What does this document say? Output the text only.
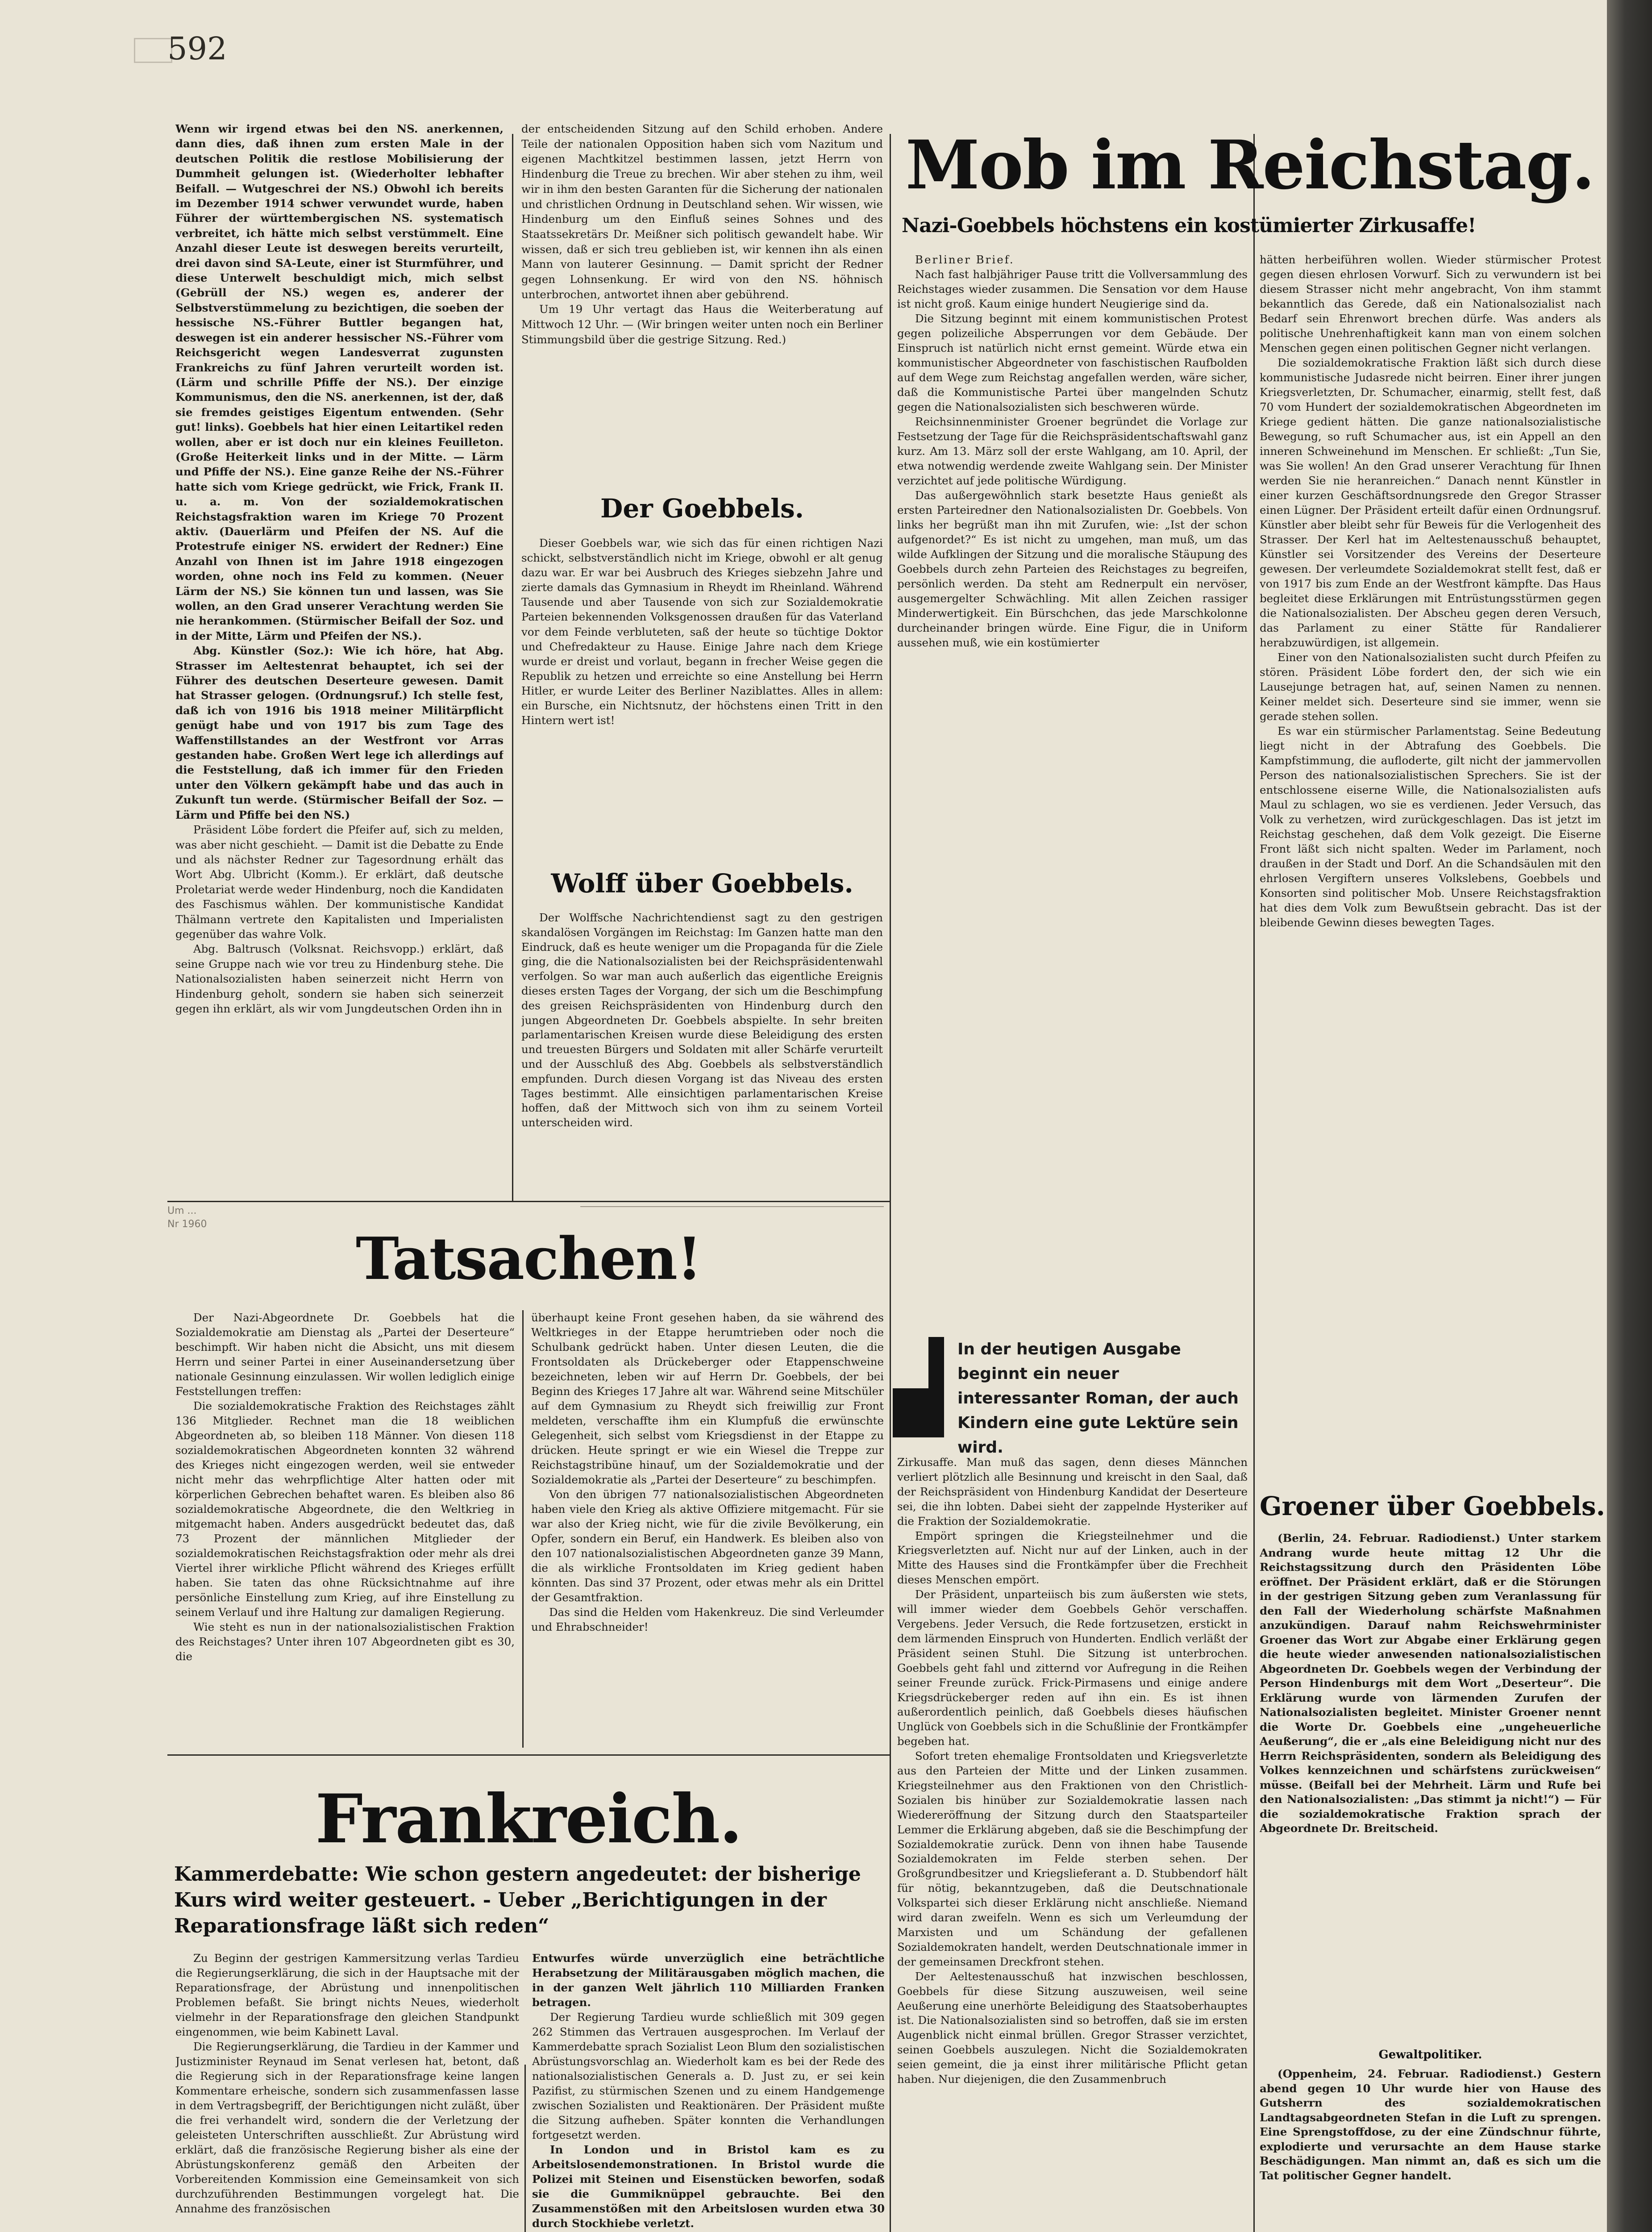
592

Wenn wir irgend etwas bei den NS. anerkennen, dann dies, daß ihnen zum ersten Male in der deutschen Politik die restlose Mobilisierung der Dummheit gelungen ist. (Wiederholter lebhafter Beifall. — Wutgeschrei der NS.) Obwohl ich bereits im Dezember 1914 schwer verwundet wurde, haben Führer der württembergischen NS. systematisch verbreitet, ich hätte mich selbst verstümmelt. Eine Anzahl dieser Leute ist deswegen bereits verurteilt, drei davon sind SA-Leute, einer ist Sturmführer, und diese Unterwelt beschuldigt mich, mich selbst (Gebrüll der NS.) wegen es, anderer der Selbstverstümmelung zu bezichtigen, die soeben der hessische NS.-Führer Buttler begangen hat, deswegen ist ein anderer hessischer NS.-Führer vom Reichsgericht wegen Landesverrat zugunsten Frankreichs zu fünf Jahren verurteilt worden ist. (Lärm und schrille Pfiffe der NS.). Der einzige Kommunismus, den die NS. anerkennen, ist der, daß sie fremdes geistiges Eigentum entwenden. (Sehr gut! links). Goebbels hat hier einen Leitartikel reden wollen, aber er ist doch nur ein kleines Feuilleton. (Große Heiterkeit links und in der Mitte. — Lärm und Pfiffe der NS.). Eine ganze Reihe der NS.-Führer hatte sich vom Kriege gedrückt, wie Frick, Frank II. u. a. m. Von der sozialdemokratischen Reichstagsfraktion waren im Kriege 70 Prozent aktiv. (Dauerlärm und Pfeifen der NS. Auf die Protestrufe einiger NS. erwidert der Redner:) Eine Anzahl von Ihnen ist im Jahre 1918 eingezogen worden, ohne noch ins Feld zu kommen. (Neuer Lärm der NS.) Sie können tun und lassen, was Sie wollen, an den Grad unserer Verachtung werden Sie nie herankommen. (Stürmischer Beifall der Soz. und in der Mitte, Lärm und Pfeifen der NS.).

Abg. Künstler (Soz.): Wie ich höre, hat Abg. Strasser im Aeltestenrat behauptet, ich sei der Führer des deutschen Deserteure gewesen. Damit hat Strasser gelogen. (Ordnungsruf.) Ich stelle fest, daß ich von 1916 bis 1918 meiner Militärpflicht genügt habe und von 1917 bis zum Tage des Waffenstillstandes an der Westfront vor Arras gestanden habe. Großen Wert lege ich allerdings auf die Feststellung, daß ich immer für den Frieden unter den Völkern gekämpft habe und das auch in Zukunft tun werde. (Stürmischer Beifall der Soz. — Lärm und Pfiffe bei den NS.)

Präsident Löbe fordert die Pfeifer auf, sich zu melden, was aber nicht geschieht. — Damit ist die Debatte zu Ende und als nächster Redner zur Tagesordnung erhält das Wort Abg. Ulbricht (Komm.). Er erklärt, daß deutsche Proletariat werde weder Hindenburg, noch die Kandidaten des Faschismus wählen. Der kommunistische Kandidat Thälmann vertrete den Kapitalisten und Imperialisten gegenüber das wahre Volk.

Abg. Baltrusch (Volksnat. Reichsvopp.) erklärt, daß seine Gruppe nach wie vor treu zu Hindenburg stehe. Die Nationalsozialisten haben seinerzeit nicht Herrn von Hindenburg geholt, sondern sie haben sich seinerzeit gegen ihn erklärt, als wir vom Jungdeutschen Orden ihn in

der entscheidenden Sitzung auf den Schild erhoben. Andere Teile der nationalen Opposition haben sich vom Nazitum und eigenen Machtkitzel bestimmen lassen, jetzt Herrn von Hindenburg die Treue zu brechen. Wir aber stehen zu ihm, weil wir in ihm den besten Garanten für die Sicherung der nationalen und christlichen Ordnung in Deutschland sehen. Wir wissen, wie Hindenburg um den Einfluß seines Sohnes und des Staatssekretärs Dr. Meißner sich politisch gewandelt habe. Wir wissen, daß er sich treu geblieben ist, wir kennen ihn als einen Mann von lauterer Gesinnung. — Damit spricht der Redner gegen Lohnsenkung. Er wird von den NS. höhnisch unterbrochen, antwortet ihnen aber gebührend.

Um 19 Uhr vertagt das Haus die Weiterberatung auf Mittwoch 12 Uhr. — (Wir bringen weiter unten noch ein Berliner Stimmungsbild über die gestrige Sitzung. Red.)

Der Goebbels.

Dieser Goebbels war, wie sich das für einen richtigen Nazi schickt, selbstverständlich nicht im Kriege, obwohl er alt genug dazu war. Er war bei Ausbruch des Krieges siebzehn Jahre und zierte damals das Gymnasium in Rheydt im Rheinland. Während Tausende und aber Tausende von sich zur Sozialdemokratie Parteien bekennenden Volksgenossen draußen für das Vaterland vor dem Feinde verbluteten, saß der heute so tüchtige Doktor und Chefredakteur zu Hause. Einige Jahre nach dem Kriege wurde er dreist und vorlaut, begann in frecher Weise gegen die Republik zu hetzen und erreichte so eine Anstellung bei Herrn Hitler, er wurde Leiter des Berliner Naziblattes. Alles in allem: ein Bursche, ein Nichtsnutz, der höchstens einen Tritt in den Hintern wert ist!

Wolff über Goebbels.

Der Wolffsche Nachrichtendienst sagt zu den gestrigen skandalösen Vorgängen im Reichstag: Im Ganzen hatte man den Eindruck, daß es heute weniger um die Propaganda für die Ziele ging, die die Nationalsozialisten bei der Reichspräsidentenwahl verfolgen. So war man auch außerlich das eigentliche Ereignis dieses ersten Tages der Vorgang, der sich um die Beschimpfung des greisen Reichspräsidenten von Hindenburg durch den jungen Abgeordneten Dr. Goebbels abspielte. In sehr breiten parlamentarischen Kreisen wurde diese Beleidigung des ersten und treuesten Bürgers und Soldaten mit aller Schärfe verurteilt und der Ausschluß des Abg. Goebbels als selbstverständlich empfunden. Durch diesen Vorgang ist das Niveau des ersten Tages bestimmt. Alle einsichtigen parlamentarischen Kreise hoffen, daß der Mittwoch sich von ihm zu seinem Vorteil unterscheiden wird.

Mob im Reichstag.
Nazi-Goebbels höchstens ein kostümierter Zirkusaffe!

Berliner Brief.

Nach fast halbjähriger Pause tritt die Vollversammlung des Reichstages wieder zusammen. Die Sensation vor dem Hause ist nicht groß. Kaum einige hundert Neugierige sind da.

Die Sitzung beginnt mit einem kommunistischen Protest gegen polizeiliche Absperrungen vor dem Gebäude. Der Einspruch ist natürlich nicht ernst gemeint. Würde etwa ein kommunistischer Abgeordneter von faschistischen Raufbolden auf dem Wege zum Reichstag angefallen werden, wäre sicher, daß die Kommunistische Partei über mangelnden Schutz gegen die Nationalsozialisten sich beschweren würde.

Reichsinnenminister Groener begründet die Vorlage zur Festsetzung der Tage für die Reichspräsidentschaftswahl ganz kurz. Am 13. März soll der erste Wahlgang, am 10. April, der etwa notwendig werdende zweite Wahlgang sein. Der Minister verzichtet auf jede politische Würdigung.

Das außergewöhnlich stark besetzte Haus genießt als ersten Parteiredner den Nationalsozialisten Dr. Goebbels. Von links her begrüßt man ihn mit Zurufen, wie: „Ist der schon aufgenordet?“ Es ist nicht zu umgehen, man muß, um das wilde Aufklingen der Sitzung und die moralische Stäupung des Goebbels durch zehn Parteien des Reichstages zu begreifen, persönlich werden. Da steht am Rednerpult ein nervöser, ausgemergelter Schwächling. Mit allen Zeichen rassiger Minderwertigkeit. Ein Bürschchen, das jede Marschkolonne durcheinander bringen würde. Eine Figur, die in Uniform aussehen muß, wie ein kostümierter

hätten herbeiführen wollen. Wieder stürmischer Protest gegen diesen ehrlosen Vorwurf. Sich zu verwundern ist bei diesem Strasser nicht mehr angebracht, Von ihm stammt bekanntlich das Gerede, daß ein Nationalsozialist nach Bedarf sein Ehrenwort brechen dürfe. Was anders als politische Unehrenhaftigkeit kann man von einem solchen Menschen gegen einen politischen Gegner nicht verlangen.

Die sozialdemokratische Fraktion läßt sich durch diese kommunistische Judasrede nicht beirren. Einer ihrer jungen Kriegsverletzten, Dr. Schumacher, einarmig, stellt fest, daß 70 vom Hundert der sozialdemokratischen Abgeordneten im Kriege gedient hätten. Die ganze nationalsozialistische Bewegung, so ruft Schumacher aus, ist ein Appell an den inneren Schweinehund im Menschen. Er schließt: „Tun Sie, was Sie wollen! An den Grad unserer Verachtung für Ihnen werden Sie nie heranreichen.“ Danach nennt Künstler in einer kurzen Geschäftsordnungsrede den Gregor Strasser einen Lügner. Der Präsident erteilt dafür einen Ordnungsruf. Künstler aber bleibt sehr für Beweis für die Verlogenheit des Strasser. Der Kerl hat im Aeltestenausschuß behauptet, Künstler sei Vorsitzender des Vereins der Deserteure gewesen. Der verleumdete Sozialdemokrat stellt fest, daß er von 1917 bis zum Ende an der Westfront kämpfte. Das Haus begleitet diese Erklärungen mit Entrüstungsstürmen gegen die Nationalsozialisten. Der Abscheu gegen deren Versuch, das Parlament zu einer Stätte für Randalierer herabzuwürdigen, ist allgemein.

Einer von den Nationalsozialisten sucht durch Pfeifen zu stören. Präsident Löbe fordert den, der sich wie ein Lausejunge betragen hat, auf, seinen Namen zu nennen. Keiner meldet sich. Deserteure sind sie immer, wenn sie gerade stehen sollen.

Es war ein stürmischer Parlamentstag. Seine Bedeutung liegt nicht in der Abtrafung des Goebbels. Die Kampfstimmung, die aufloderte, gilt nicht der jammervollen Person des nationalsozialistischen Sprechers. Sie ist der entschlossene eiserne Wille, die Nationalsozialisten aufs Maul zu schlagen, wo sie es verdienen. Jeder Versuch, das Volk zu verhetzen, wird zurückgeschlagen. Das ist jetzt im Reichstag geschehen, daß dem Volk gezeigt. Die Eiserne Front läßt sich nicht spalten. Weder im Parlament, noch draußen in der Stadt und Dorf. An die Schandsäulen mit den ehrlosen Vergiftern unseres Volkslebens, Goebbels und Konsorten sind politischer Mob. Unsere Reichstagsfraktion hat dies dem Volk zum Bewußtsein gebracht. Das ist der bleibende Gewinn dieses bewegten Tages.

Groener über Goebbels.

(Berlin, 24. Februar. Radiodienst.) Unter starkem Andrang wurde heute mittag 12 Uhr die Reichstagssitzung durch den Präsidenten Löbe eröffnet. Der Präsident erklärt, daß er die Störungen in der gestrigen Sitzung geben zum Veranlassung für den Fall der Wiederholung schärfste Maßnahmen anzukündigen. Darauf nahm Reichswehrminister Groener das Wort zur Abgabe einer Erklärung gegen die heute wieder anwesenden nationalsozialistischen Abgeordneten Dr. Goebbels wegen der Verbindung der Person Hindenburgs mit dem Wort „Deserteur“. Die Erklärung wurde von lärmenden Zurufen der Nationalsozialisten begleitet. Minister Groener nennt die Worte Dr. Goebbels eine „ungeheuerliche Aeußerung“, die er „als eine Beleidigung nicht nur des Herrn Reichspräsidenten, sondern als Beleidigung des Volkes kennzeichnen und schärfstens zurückweisen“ müsse. (Beifall bei der Mehrheit. Lärm und Rufe bei den Nationalsozialisten: „Das stimmt ja nicht!“) — Für die sozialdemokratische Fraktion sprach der Abgeordnete Dr. Breitscheid.

Gewaltpolitiker.

(Oppenheim, 24. Februar. Radiodienst.) Gestern abend gegen 10 Uhr wurde hier von Hause des Gutsherrn des sozialdemokratischen Landtagsabgeordneten Stefan in die Luft zu sprengen. Eine Sprengstoffdose, zu der eine Zündschnur führte, explodierte und verursachte an dem Hause starke Beschädigungen. Man nimmt an, daß es sich um die Tat politischer Gegner handelt.

In der heutigen Ausgabe beginnt ein neuer interessanter Roman, der auch Kindern eine gute Lektüre sein wird.

Zirkusaffe. Man muß das sagen, denn dieses Männchen verliert plötzlich alle Besinnung und kreischt in den Saal, daß der Reichspräsident von Hindenburg Kandidat der Deserteure sei, die ihn lobten. Dabei sieht der zappelnde Hysteriker auf die Fraktion der Sozialdemokratie.

Empört springen die Kriegsteilnehmer und die Kriegsverletzten auf. Nicht nur auf der Linken, auch in der Mitte des Hauses sind die Frontkämpfer über die Frechheit dieses Menschen empört.

Der Präsident, unparteiisch bis zum äußersten wie stets, will immer wieder dem Goebbels Gehör verschaffen. Vergebens. Jeder Versuch, die Rede fortzusetzen, erstickt in dem lärmenden Einspruch von Hunderten. Endlich verläßt der Präsident seinen Stuhl. Die Sitzung ist unterbrochen. Goebbels geht fahl und zitternd vor Aufregung in die Reihen seiner Freunde zurück. Frick-Pirmasens und einige andere Kriegsdrückeberger reden auf ihn ein. Es ist ihnen außerordentlich peinlich, daß Goebbels dieses häufischen Unglück von Goebbels sich in die Schußlinie der Frontkämpfer begeben hat.

Sofort treten ehemalige Frontsoldaten und Kriegsverletzte aus den Parteien der Mitte und der Linken zusammen. Kriegsteilnehmer aus den Fraktionen von den Christlich-Sozialen bis hinüber zur Sozialdemokratie lassen nach Wiedereröffnung der Sitzung durch den Staatsparteiler Lemmer die Erklärung abgeben, daß sie die Beschimpfung der Sozialdemokratie zurück. Denn von ihnen habe Tausende Sozialdemokraten im Felde sterben sehen. Der Großgrundbesitzer und Kriegslieferant a. D. Stubbendorf hält für nötig, bekanntzugeben, daß die Deutschnationale Volkspartei sich dieser Erklärung nicht anschließe. Niemand wird daran zweifeln. Wenn es sich um Verleumdung der Marxisten und um Schändung der gefallenen Sozialdemokraten handelt, werden Deutschnationale immer in der gemeinsamen Dreckfront stehen.

Der Aeltestenausschuß hat inzwischen beschlossen, Goebbels für diese Sitzung auszuweisen, weil seine Aeußerung eine unerhörte Beleidigung des Staatsoberhauptes ist. Die Nationalsozialisten sind so betroffen, daß sie im ersten Augenblick nicht einmal brüllen. Gregor Strasser verzichtet, seinen Goebbels auszulegen. Nicht die Sozialdemokraten seien gemeint, die ja einst ihrer militärische Pflicht getan haben. Nur diejenigen, die den Zusammenbruch

Um ...
Nr 1960
Tatsachen!

Der Nazi-Abgeordnete Dr. Goebbels hat die Sozialdemokratie am Dienstag als „Partei der Deserteure“ beschimpft. Wir haben nicht die Absicht, uns mit diesem Herrn und seiner Partei in einer Auseinandersetzung über nationale Gesinnung einzulassen. Wir wollen lediglich einige Feststellungen treffen:

Die sozialdemokratische Fraktion des Reichstages zählt 136 Mitglieder. Rechnet man die 18 weiblichen Abgeordneten ab, so bleiben 118 Männer. Von diesen 118 sozialdemokratischen Abgeordneten konnten 32 während des Krieges nicht eingezogen werden, weil sie entweder nicht mehr das wehrpflichtige Alter hatten oder mit körperlichen Gebrechen behaftet waren. Es bleiben also 86 sozialdemokratische Abgeordnete, die den Weltkrieg in mitgemacht haben. Anders ausgedrückt bedeutet das, daß 73 Prozent der männlichen Mitglieder der sozialdemokratischen Reichstagsfraktion oder mehr als drei Viertel ihrer wirkliche Pflicht während des Krieges erfüllt haben. Sie taten das ohne Rücksichtnahme auf ihre persönliche Einstellung zum Krieg, auf ihre Einstellung zu seinem Verlauf und ihre Haltung zur damaligen Regierung.

Wie steht es nun in der nationalsozialistischen Fraktion des Reichstages? Unter ihren 107 Abgeordneten gibt es 30, die

überhaupt keine Front gesehen haben, da sie während des Weltkrieges in der Etappe herumtrieben oder noch die Schulbank gedrückt haben. Unter diesen Leuten, die die Frontsoldaten als Drückeberger oder Etappenschweine bezeichneten, leben wir auf Herrn Dr. Goebbels, der bei Beginn des Krieges 17 Jahre alt war. Während seine Mitschüler auf dem Gymnasium zu Rheydt sich freiwillig zur Front meldeten, verschaffte ihm ein Klumpfuß die erwünschte Gelegenheit, sich selbst vom Kriegsdienst in der Etappe zu drücken. Heute springt er wie ein Wiesel die Treppe zur Reichstagstribüne hinauf, um der Sozialdemokratie und der Sozialdemokratie als „Partei der Deserteure“ zu beschimpfen.

Von den übrigen 77 nationalsozialistischen Abgeordneten haben viele den Krieg als aktive Offiziere mitgemacht. Für sie war also der Krieg nicht, wie für die zivile Bevölkerung, ein Opfer, sondern ein Beruf, ein Handwerk. Es bleiben also von den 107 nationalsozialistischen Abgeordneten ganze 39 Mann, die als wirkliche Frontsoldaten im Krieg gedient haben könnten. Das sind 37 Prozent, oder etwas mehr als ein Drittel der Gesamtfraktion.

Das sind die Helden vom Hakenkreuz. Die sind Verleumder und Ehrabschneider!

Frankreich.
Kammerdebatte: Wie schon gestern angedeutet: der bisherige Kurs wird weiter gesteuert. - Ueber „Berichtigungen in der Reparationsfrage läßt sich reden“

Zu Beginn der gestrigen Kammersitzung verlas Tardieu die Regierungserklärung, die sich in der Hauptsache mit der Reparationsfrage, der Abrüstung und innenpolitischen Problemen befaßt. Sie bringt nichts Neues, wiederholt vielmehr in der Reparationsfrage den gleichen Standpunkt eingenommen, wie beim Kabinett Laval.

Die Regierungserklärung, die Tardieu in der Kammer und Justizminister Reynaud im Senat verlesen hat, betont, daß die Regierung sich in der Reparationsfrage keine langen Kommentare erheische, sondern sich zusammenfassen lasse in dem Vertragsbegriff, der Berichtigungen nicht zuläßt, über die frei verhandelt wird, sondern die der Verletzung der geleisteten Unterschriften ausschließt. Zur Abrüstung wird erklärt, daß die französische Regierung bisher als eine der Abrüstungskonferenz gemäß den Arbeiten der Vorbereitenden Kommission eine Gemeinsamkeit von sich durchzuführenden Bestimmungen vorgelegt hat. Die Annahme des französischen

Entwurfes würde unverzüglich eine beträchtliche Herabsetzung der Militärausgaben möglich machen, die in der ganzen Welt jährlich 110 Milliarden Franken betragen.

Der Regierung Tardieu wurde schließlich mit 309 gegen 262 Stimmen das Vertrauen ausgesprochen. Im Verlauf der Kammerdebatte sprach Sozialist Leon Blum den sozialistischen Abrüstungsvorschlag an. Wiederholt kam es bei der Rede des nationalsozialistischen Generals a. D. Just zu, er sei kein Pazifist, zu stürmischen Szenen und zu einem Handgemenge zwischen Sozialisten und Reaktionären. Der Präsident mußte die Sitzung aufheben. Später konnten die Verhandlungen fortgesetzt werden.

In London und in Bristol kam es zu Arbeitslosendemonstrationen. In Bristol wurde die Polizei mit Steinen und Eisenstücken beworfen, sodaß sie die Gummiknüppel gebrauchte. Bei den Zusammenstößen mit den Arbeitslosen wurden etwa 30 durch Stockhiebe verletzt.
